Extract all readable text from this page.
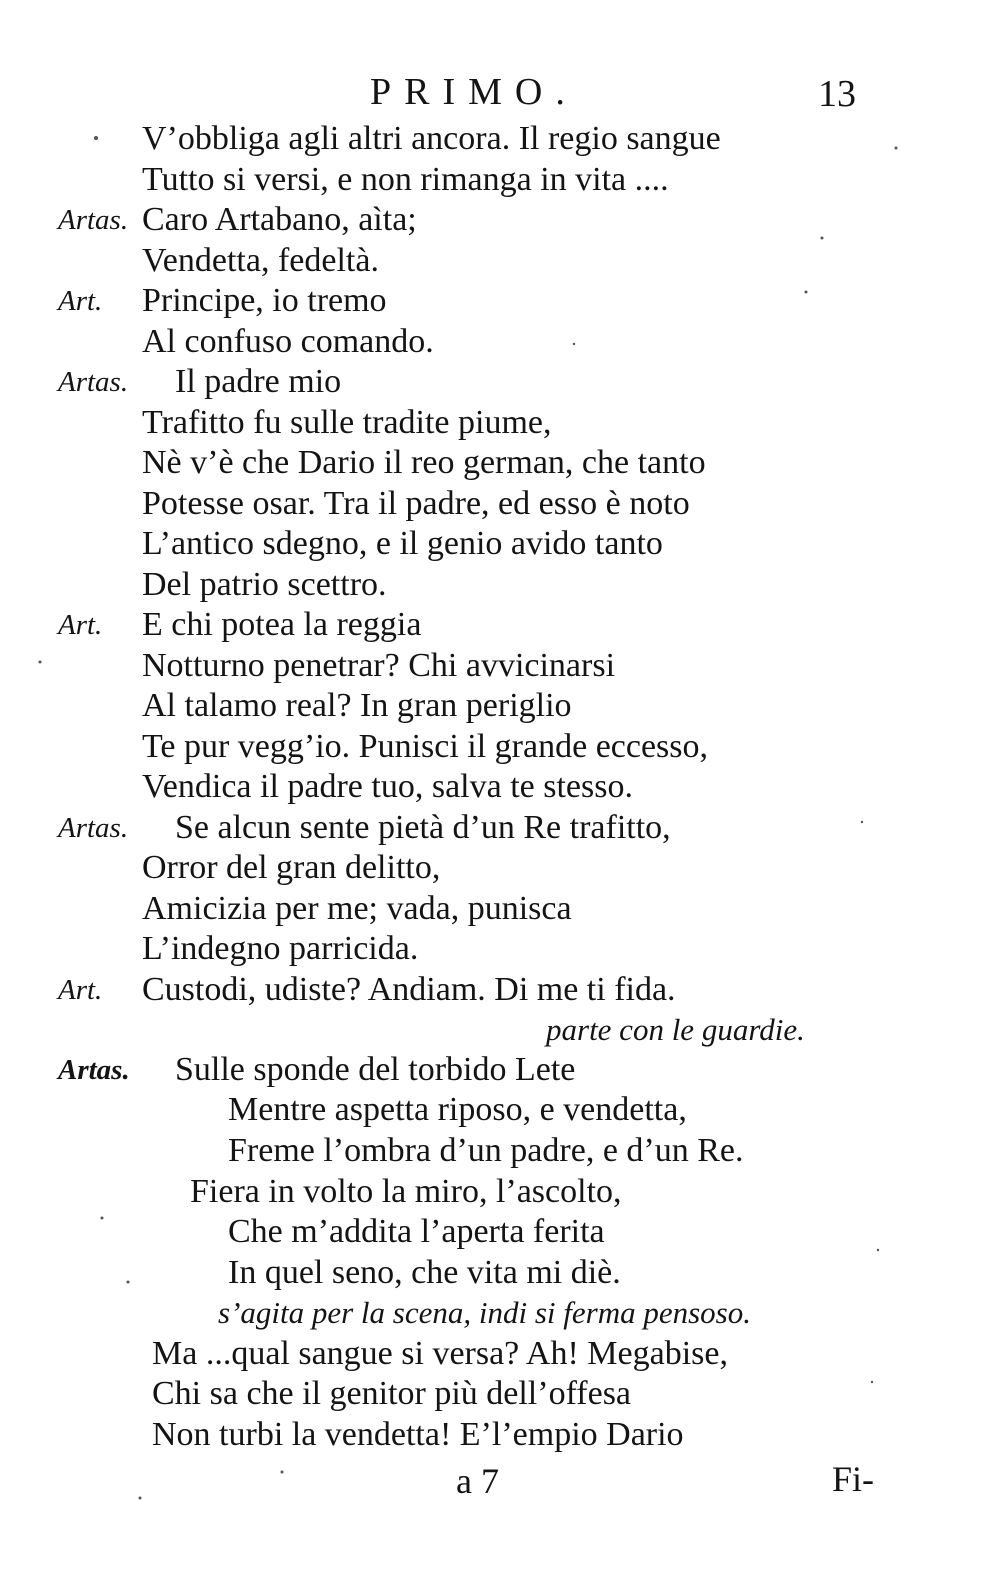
PRIMO.	13
V’obbliga agli altri ancora. Il regio sangue
Tutto si versi, e non rimanga in vita ....
Artas. Caro Artabano, aìta;
Vendetta, fedeltà.
Art. Principe, io tremo
Al confuso comando.
Artas. Il padre mio
Trafitto fu sulle tradite piume,
Nè v’è che Dario il reo german, che tanto
Potesse osar. Tra il padre, ed esso è noto
L’antico sdegno, e il genio avido tanto
Del patrio scettro.
Art. E chi potea la reggia
Notturno penetrar? Chi avvicinarsi
Al talamo real? In gran periglio
Te pur vegg’io. Punisci il grande eccesso,
Vendica il padre tuo, salva te stesso.
Artas. Se alcun sente pietà d’un Re trafitto,
Orror del gran delitto,
Amicizia per me; vada, punisca
L’indegno parricida.
Art. Custodi, udiste? Andiam. Di me ti fida.
parte con le guardie.
Artas. Sulle sponde del torbido Lete
Mentre aspetta riposo, e vendetta,
Freme l’ombra d’un padre, e d’un Re.
Fiera in volto la miro, l’ascolto,
Che m’addita l’aperta ferita
In quel seno, che vita mi diè.
s’agita per la scena, indi si ferma pensoso.
Ma ...qual sangue si versa? Ah! Megabise,
Chi sa che il genitor più dell’offesa
Non turbi la vendetta! E’l’empio Dario
a 7	Fi-
